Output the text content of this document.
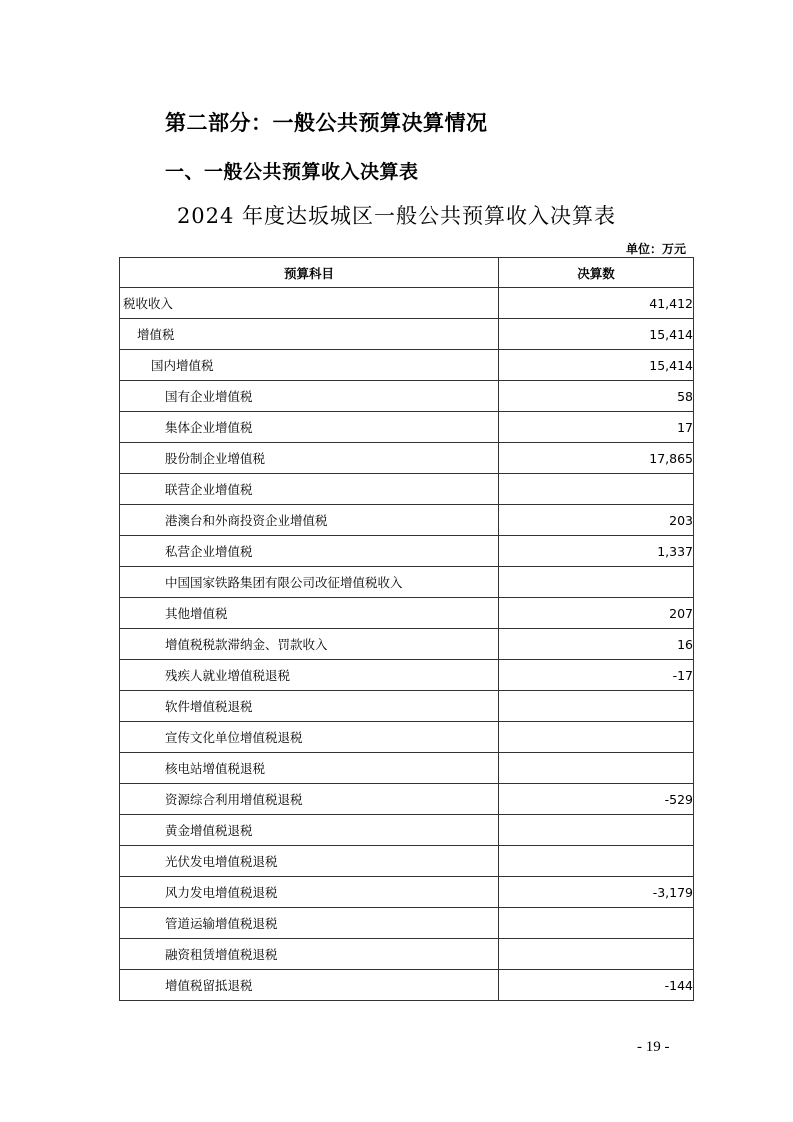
第二部分：一般公共预算决算情况
一、一般公共预算收入决算表
2024 年度达坂城区一般公共预算收入决算表
单位：万元
预算科目	决算数
税收收入	41,412
增值税	15,414
国内增值税	15,414
国有企业增值税	58
集体企业增值税	17
股份制企业增值税	17,865
联营企业增值税	
港澳台和外商投资企业增值税	203
私营企业增值税	1,337
中国国家铁路集团有限公司改征增值税收入	
其他增值税	207
增值税税款滞纳金、罚款收入	16
残疾人就业增值税退税	-17
软件增值税退税	
宣传文化单位增值税退税	
核电站增值税退税	
资源综合利用增值税退税	-529
黄金增值税退税	
光伏发电增值税退税	
风力发电增值税退税	-3,179
管道运输增值税退税	
融资租赁增值税退税	
增值税留抵退税	-144
- 19 -
